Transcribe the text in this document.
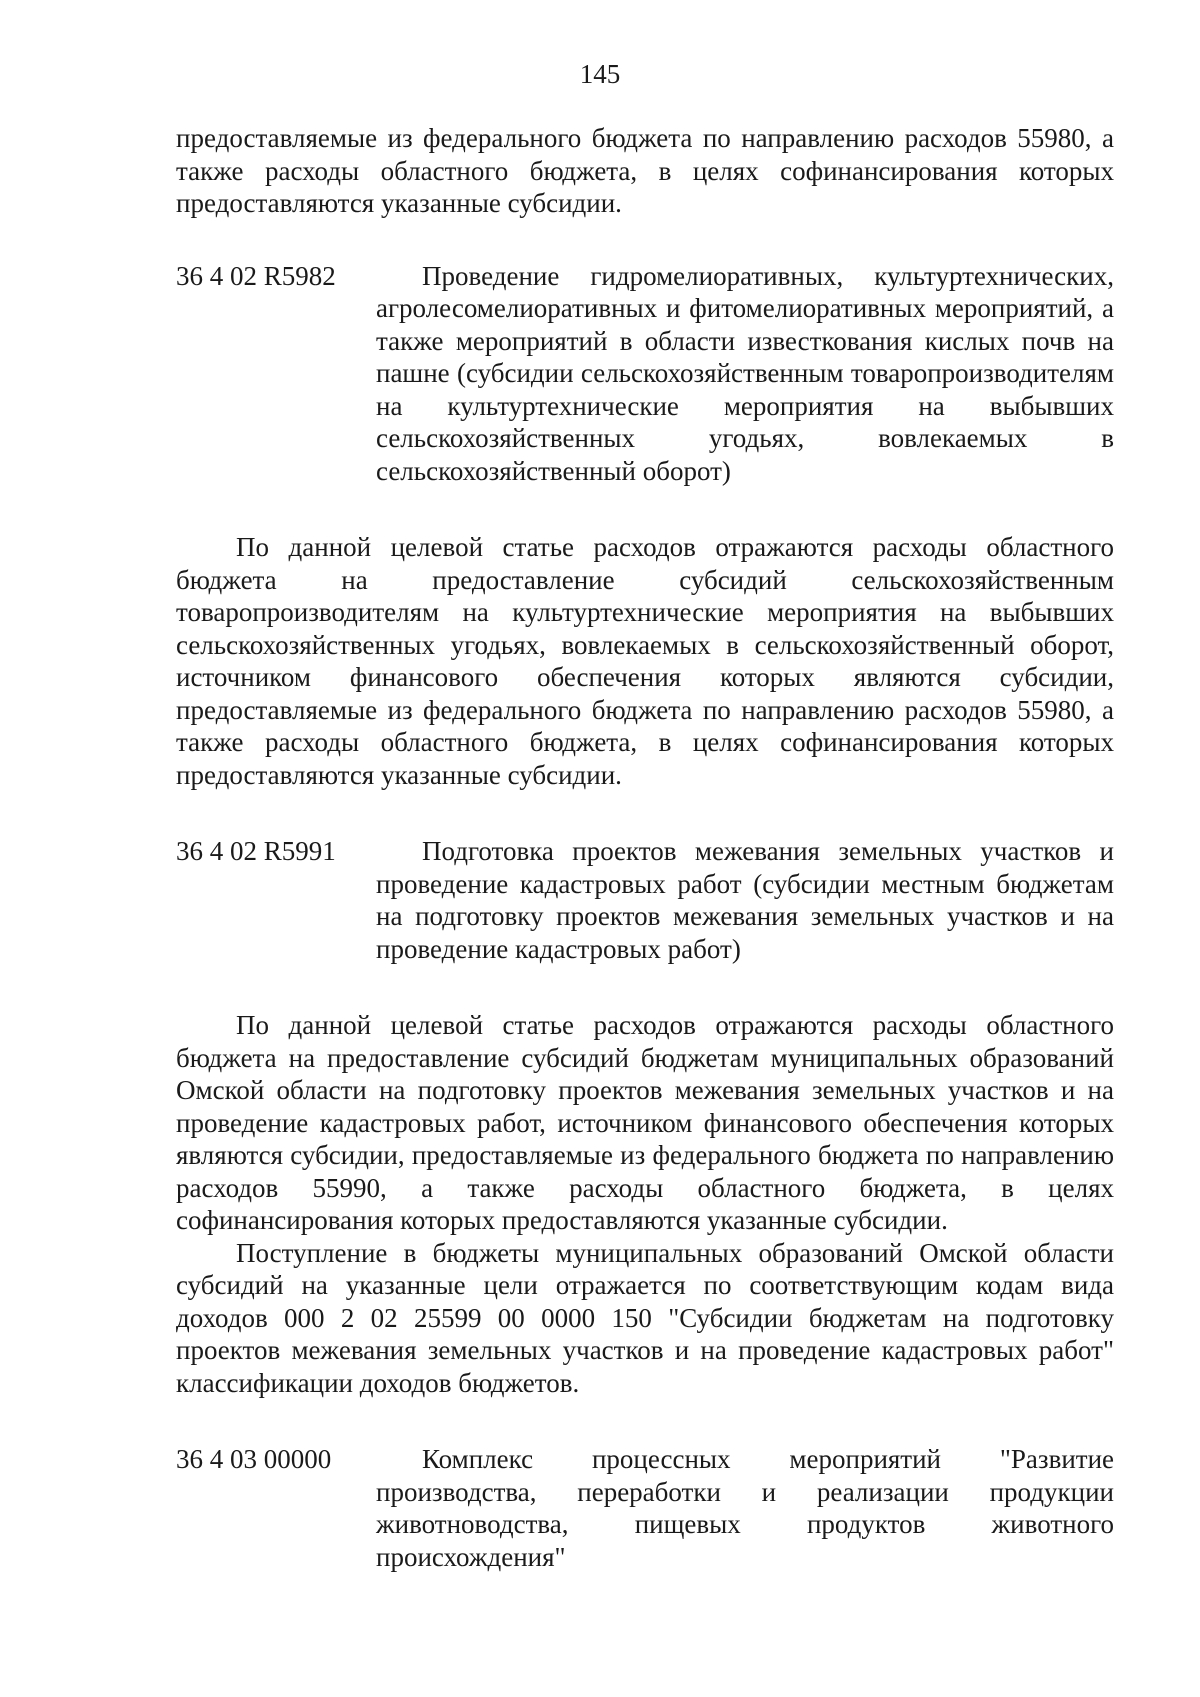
145

предоставляемые из федерального бюджета по направлению расходов 55980, а также расходы областного бюджета, в целях софинансирования которых предоставляются указанные субсидии.

36 4 02 R5982	Проведение гидромелиоративных, культуртехнических, агролесомелиоративных и фитомелиоративных мероприятий, а также мероприятий в области известкования кислых почв на пашне (субсидии сельскохозяйственным товаропроизводителям на культуртехнические мероприятия на выбывших сельскохозяйственных угодьях, вовлекаемых в сельскохозяйственный оборот)

По данной целевой статье расходов отражаются расходы областного бюджета на предоставление субсидий сельскохозяйственным товаропроизводителям на культуртехнические мероприятия на выбывших сельскохозяйственных угодьях, вовлекаемых в сельскохозяйственный оборот, источником финансового обеспечения которых являются субсидии, предоставляемые из федерального бюджета по направлению расходов 55980, а также расходы областного бюджета, в целях софинансирования которых предоставляются указанные субсидии.

36 4 02 R5991	Подготовка проектов межевания земельных участков и проведение кадастровых работ (субсидии местным бюджетам на подготовку проектов межевания земельных участков и на проведение кадастровых работ)

По данной целевой статье расходов отражаются расходы областного бюджета на предоставление субсидий бюджетам муниципальных образований Омской области на подготовку проектов межевания земельных участков и на проведение кадастровых работ, источником финансового обеспечения которых являются субсидии, предоставляемые из федерального бюджета по направлению расходов 55990, а также расходы областного бюджета, в целях софинансирования которых предоставляются указанные субсидии.

Поступление в бюджеты муниципальных образований Омской области субсидий на указанные цели отражается по соответствующим кодам вида доходов 000 2 02 25599 00 0000 150 "Субсидии бюджетам на подготовку проектов межевания земельных участков и на проведение кадастровых работ" классификации доходов бюджетов.

36 4 03 00000	Комплекс процессных мероприятий "Развитие производства, переработки и реализации продукции животноводства, пищевых продуктов животного происхождения"
